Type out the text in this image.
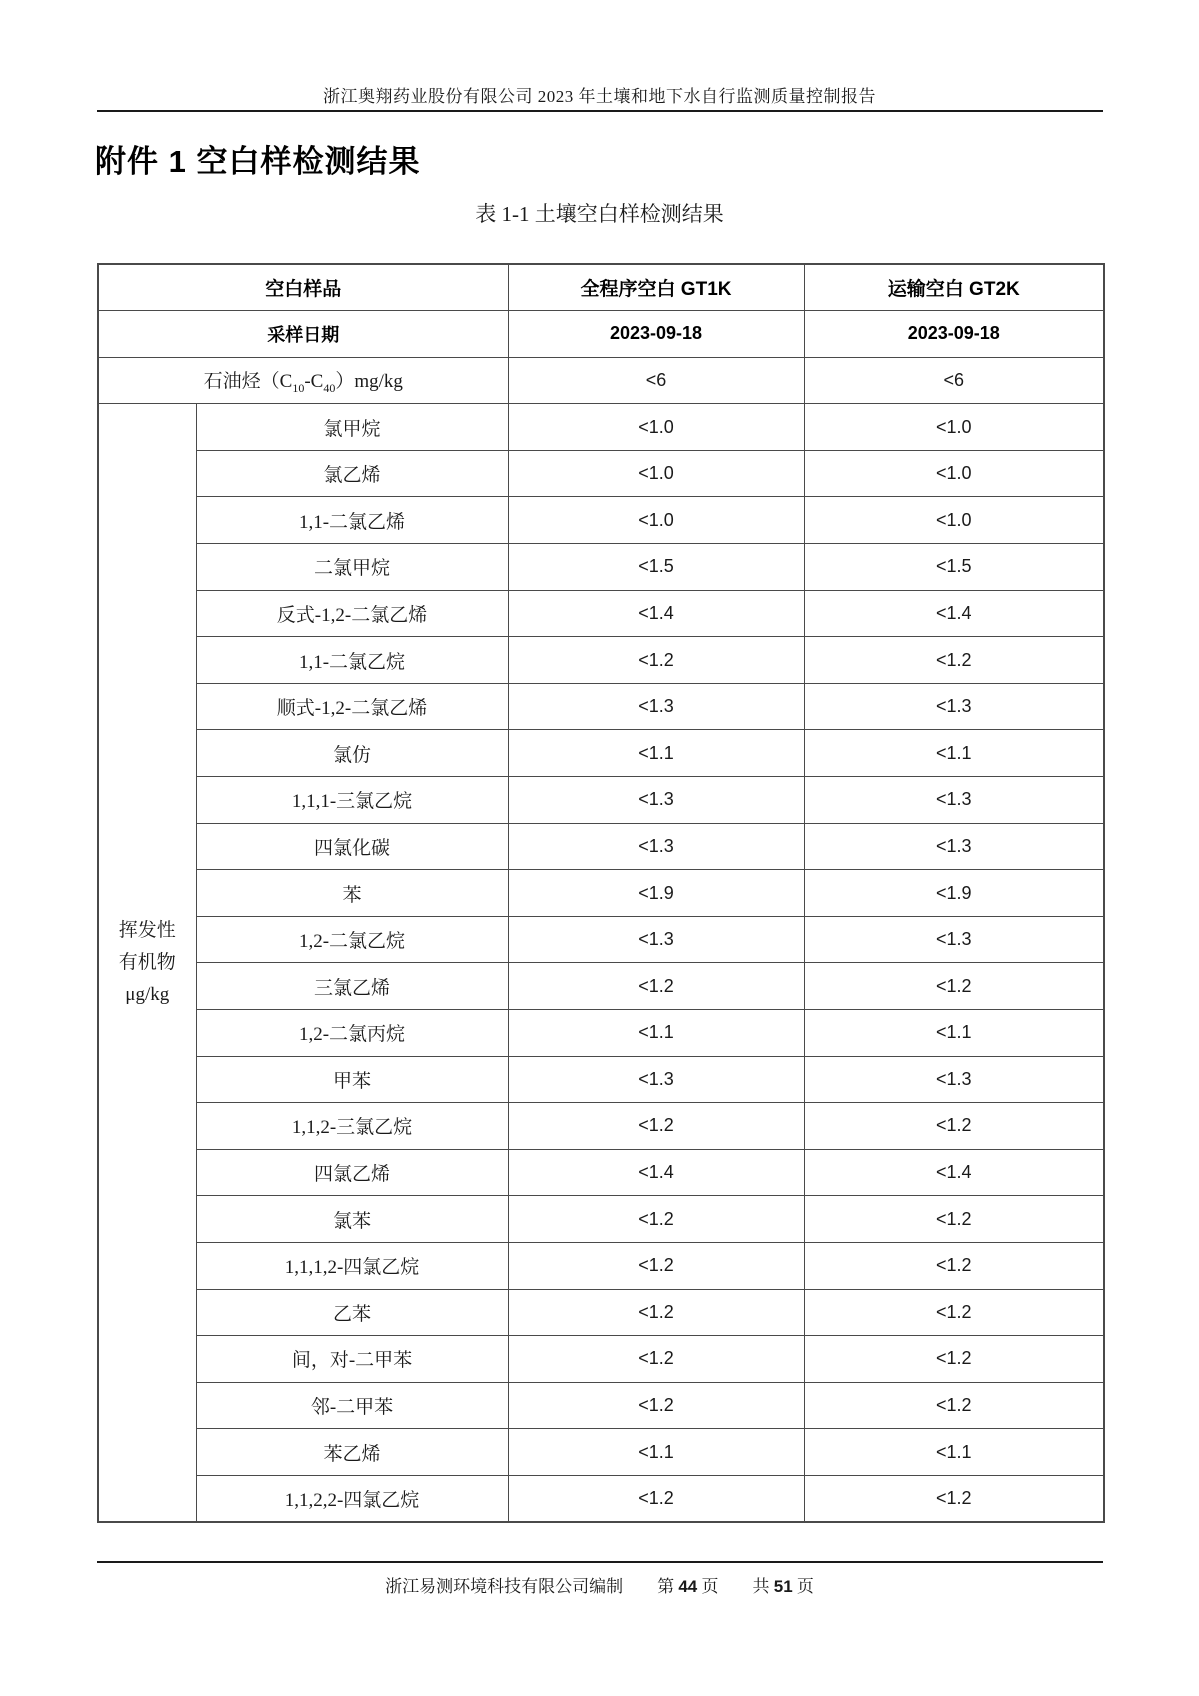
浙江奥翔药业股份有限公司 2023 年土壤和地下水自行监测质量控制报告
附件 1 空白样检测结果
表 1-1 土壤空白样检测结果
空白样品		全程序空白 GT1K	运输空白 GT2K
采样日期		2023-09-18	2023-09-18
石油烃$(C_{10}-C_{40})mg/kg$		<6	<6

挥发性
有机物
μg/kg	氯甲烷	<1.0	<1.0
	氯乙烯	<1.0	<1.0
	1,1-二氯乙烯	<1.0	<1.0
	二氯甲烷	<1.5	<1.5
	反式-1,2-二氯乙烯	<1.4	<1.4
	1,1-二氯乙烷	<1.2	<1.2
	顺式-1,2-二氯乙烯	<1.3	<1.3
	氯仿	<1.1	<1.1
	1,1,1-三氯乙烷	<1.3	<1.3
	四氯化碳	<1.3	<1.3
	苯	<1.9	<1.9
	1,2-二氯乙烷	<1.3	<1.3
	三氯乙烯	<1.2	<1.2
	1,2-二氯丙烷	<1.1	<1.1
	甲苯	<1.3	<1.3
	1,1,2-三氯乙烷	<1.2	<1.2
	四氯乙烯	<1.4	<1.4
	氯苯	<1.2	<1.2
	1,1,1,2-四氯乙烷	<1.2	<1.2
	乙苯	<1.2	<1.2
	间，对-二甲苯	<1.2	<1.2
	邻-二甲苯	<1.2	<1.2
	苯乙烯	<1.1	<1.1
	1,1,2,2-四氯乙烷	<1.2	<1.2
浙江易测环境科技有限公司编制 第 44 页 共 51 页
